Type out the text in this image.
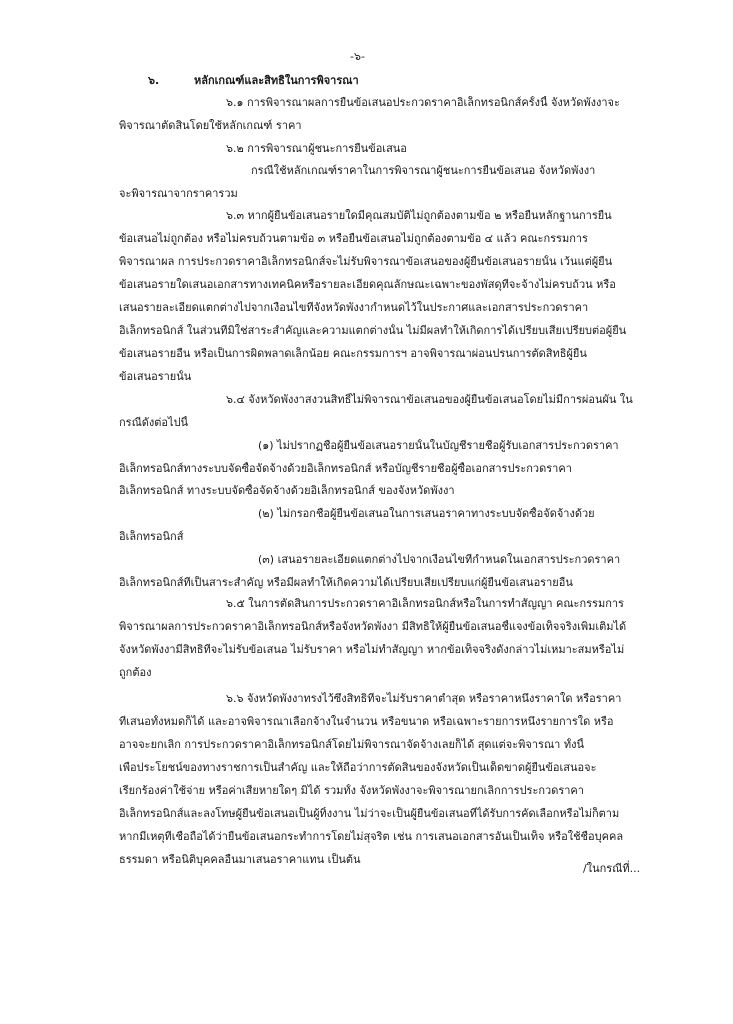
-๖-
๖.	หลักเกณฑ์และสิทธิในการพิจารณา
๖.๑ การพิจารณาผลการยื่นข้อเสนอประกวดราคาอิเล็กทรอนิกส์ครั้งนี้ จังหวัดพังงาจะ
พิจารณาตัดสินโดยใช้หลักเกณฑ์ ราคา
๖.๒ การพิจารณาผู้ชนะการยื่นข้อเสนอ
กรณีใช้หลักเกณฑ์ราคาในการพิจารณาผู้ชนะการยื่นข้อเสนอ จังหวัดพังงา
จะพิจารณาจากราคารวม
๖.๓ หากผู้ยื่นข้อเสนอรายใดมีคุณสมบัติไม่ถูกต้องตามข้อ ๒ หรือยื่นหลักฐานการยื่น
ข้อเสนอไม่ถูกต้อง หรือไม่ครบถ้วนตามข้อ ๓ หรือยื่นข้อเสนอไม่ถูกต้องตามข้อ ๔ แล้ว คณะกรรมการ
พิจารณาผล การประกวดราคาอิเล็กทรอนิกส์จะไม่รับพิจารณาข้อเสนอของผู้ยื่นข้อเสนอรายนั้น เว้นแต่ผู้ยื่น
ข้อเสนอรายใดเสนอเอกสารทางเทคนิคหรือรายละเอียดคุณลักษณะเฉพาะของพัสดุที่จะจ้างไม่ครบถ้วน หรือ
เสนอรายละเอียดแตกต่างไปจากเงื่อนไขที่จังหวัดพังงากำหนดไว้ในประกาศและเอกสารประกวดราคา
อิเล็กทรอนิกส์ ในส่วนที่มิใช่สาระสำคัญและความแตกต่างนั้น ไม่มีผลทำให้เกิดการได้เปรียบเสียเปรียบต่อผู้ยื่น
ข้อเสนอรายอื่น หรือเป็นการผิดพลาดเล็กน้อย คณะกรรมการฯ อาจพิจารณาผ่อนปรนการตัดสิทธิผู้ยื่น
ข้อเสนอรายนั้น
๖.๔ จังหวัดพังงาสงวนสิทธิ์ไม่พิจารณาข้อเสนอของผู้ยื่นข้อเสนอโดยไม่มีการผ่อนผัน ใน
กรณีดังต่อไปนี้
(๑) ไม่ปรากฏชื่อผู้ยื่นข้อเสนอรายนั้นในบัญชีรายชื่อผู้รับเอกสารประกวดราคา
อิเล็กทรอนิกส์ทางระบบจัดซื้อจัดจ้างด้วยอิเล็กทรอนิกส์ หรือบัญชีรายชื่อผู้ซื้อเอกสารประกวดราคา
อิเล็กทรอนิกส์ ทางระบบจัดซื้อจัดจ้างด้วยอิเล็กทรอนิกส์ ของจังหวัดพังงา
(๒) ไม่กรอกชื่อผู้ยื่นข้อเสนอในการเสนอราคาทางระบบจัดซื้อจัดจ้างด้วย
อิเล็กทรอนิกส์
(๓) เสนอรายละเอียดแตกต่างไปจากเงื่อนไขที่กำหนดในเอกสารประกวดราคา
อิเล็กทรอนิกส์ที่เป็นสาระสำคัญ หรือมีผลทำให้เกิดความได้เปรียบเสียเปรียบแก่ผู้ยื่นข้อเสนอรายอื่น
๖.๕ ในการตัดสินการประกวดราคาอิเล็กทรอนิกส์หรือในการทำสัญญา คณะกรรมการ
พิจารณาผลการประกวดราคาอิเล็กทรอนิกส์หรือจังหวัดพังงา มีสิทธิให้ผู้ยื่นข้อเสนอชี้แจงข้อเท็จจริงเพิ่มเติมได้
จังหวัดพังงามีสิทธิที่จะไม่รับข้อเสนอ ไม่รับราคา หรือไม่ทำสัญญา หากข้อเท็จจริงดังกล่าวไม่เหมาะสมหรือไม่
ถูกต้อง
๖.๖ จังหวัดพังงาทรงไว้ซึ่งสิทธิที่จะไม่รับราคาต่ำสุด หรือราคาหนึ่งราคาใด หรือราคา
ที่เสนอทั้งหมดก็ได้ และอาจพิจารณาเลือกจ้างในจำนวน หรือขนาด หรือเฉพาะรายการหนึ่งรายการใด หรือ
อาจจะยกเลิก การประกวดราคาอิเล็กทรอนิกส์โดยไม่พิจารณาจัดจ้างเลยก็ได้ สุดแต่จะพิจารณา ทั้งนี้
เพื่อประโยชน์ของทางราชการเป็นสำคัญ และให้ถือว่าการตัดสินของจังหวัดเป็นเด็ดขาดผู้ยื่นข้อเสนอจะ
เรียกร้องค่าใช้จ่าย หรือค่าเสียหายใดๆ มิได้ รวมทั้ง จังหวัดพังงาจะพิจารณายกเลิกการประกวดราคา
อิเล็กทรอนิกส์และลงโทษผู้ยื่นข้อเสนอเป็นผู้ทิ้งงาน ไม่ว่าจะเป็นผู้ยื่นข้อเสนอที่ได้รับการคัดเลือกหรือไม่ก็ตาม
หากมีเหตุที่เชื่อถือได้ว่ายื่นข้อเสนอกระทำการโดยไม่สุจริต เช่น การเสนอเอกสารอันเป็นเท็จ หรือใช้ชื่อบุคคล
ธรรมดา หรือนิติบุคคลอื่นมาเสนอราคาแทน เป็นต้น
/ในกรณีที่...
